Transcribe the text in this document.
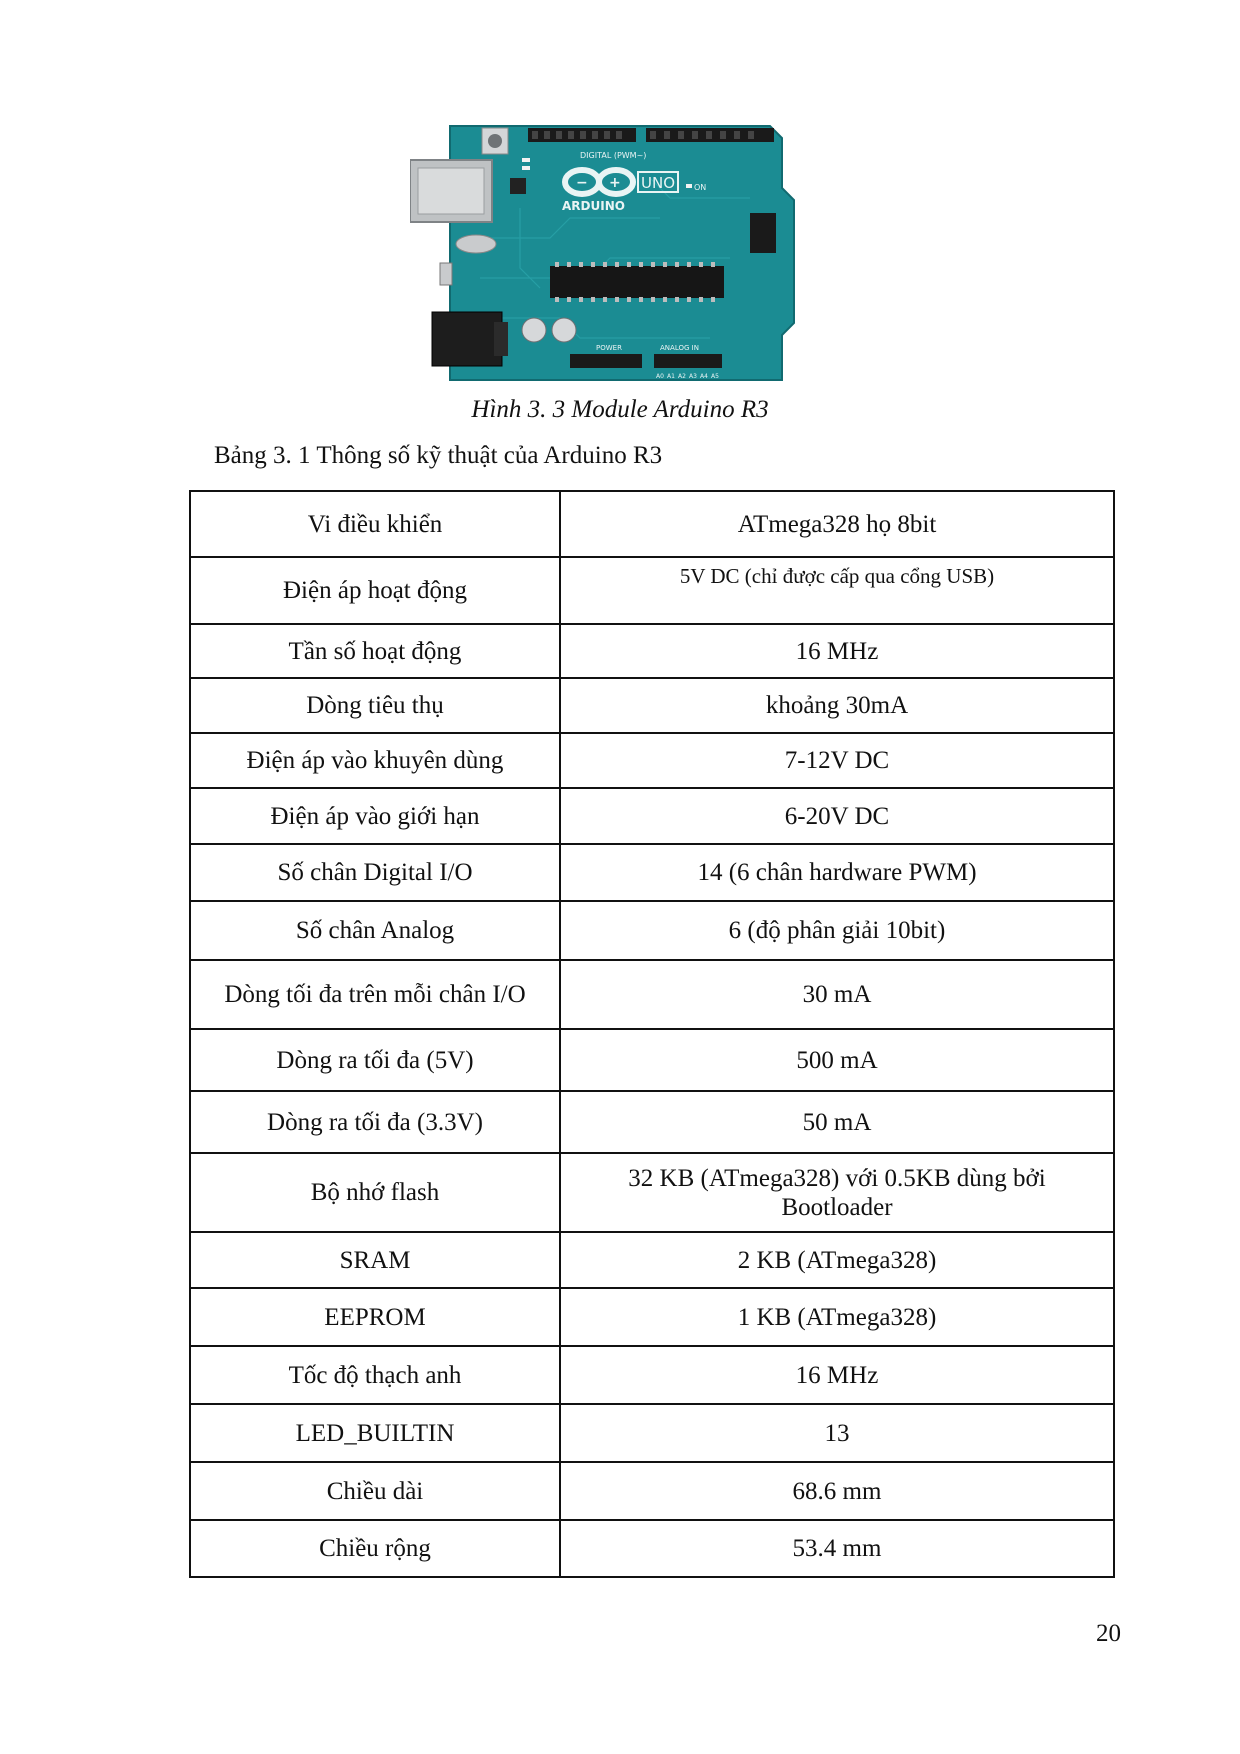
DIGITAL (PWM~)
− + UNO
ARDUINO
ON
POWER	ANALOG IN
A0 A1 A2 A3 A4 A5
Hình 3. 3 Module Arduino R3
Bảng 3. 1 Thông số kỹ thuật của Arduino R3
Vi điều khiển	ATmega328 họ 8bit
Điện áp hoạt động	5V DC (chỉ được cấp qua cổng USB)
Tần số hoạt động	16 MHz
Dòng tiêu thụ	khoảng 30mA
Điện áp vào khuyên dùng	7-12V DC
Điện áp vào giới hạn	6-20V DC
Số chân Digital I/O	14 (6 chân hardware PWM)
Số chân Analog	6 (độ phân giải 10bit)
Dòng tối đa trên mỗi chân I/O	30 mA
Dòng ra tối đa (5V)	500 mA
Dòng ra tối đa (3.3V)	50 mA
Bộ nhớ flash	32 KB (ATmega328) với 0.5KB dùng bởi Bootloader
SRAM	2 KB (ATmega328)
EEPROM	1 KB (ATmega328)
Tốc độ thạch anh	16 MHz
LED_BUILTIN	13
Chiều dài	68.6 mm
Chiều rộng	53.4 mm
20
